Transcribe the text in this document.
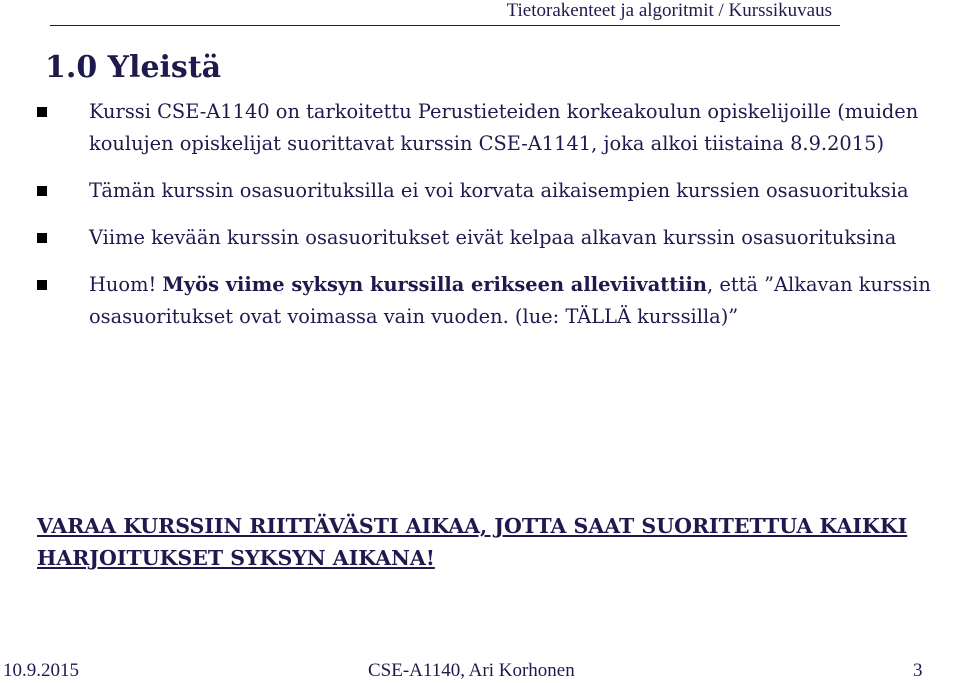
Tietorakenteet ja algoritmit / Kurssikuvaus
1.0 Yleistä
Kurssi CSE-A1140 on tarkoitettu Perustieteiden korkeakoulun opiskelijoille (muiden koulujen opiskelijat suorittavat kurssin CSE-A1141, joka alkoi tiistaina 8.9.2015)
Tämän kurssin osasuorituksilla ei voi korvata aikaisempien kurssien osasuorituksia
Viime kevään kurssin osasuoritukset eivät kelpaa alkavan kurssin osasuorituksina
Huom! Myös viime syksyn kurssilla erikseen alleviivattiin, että ”Alkavan kurssin osasuoritukset ovat voimassa vain vuoden. (lue: TÄLLÄ kurssilla)”
VARAA KURSSIIN RIITTÄVÄSTI AIKAA, JOTTA SAAT SUORITETTUA KAIKKI HARJOITUKSET SYKSYN AIKANA!
10.9.2015	CSE-A1140, Ari Korhonen	3
